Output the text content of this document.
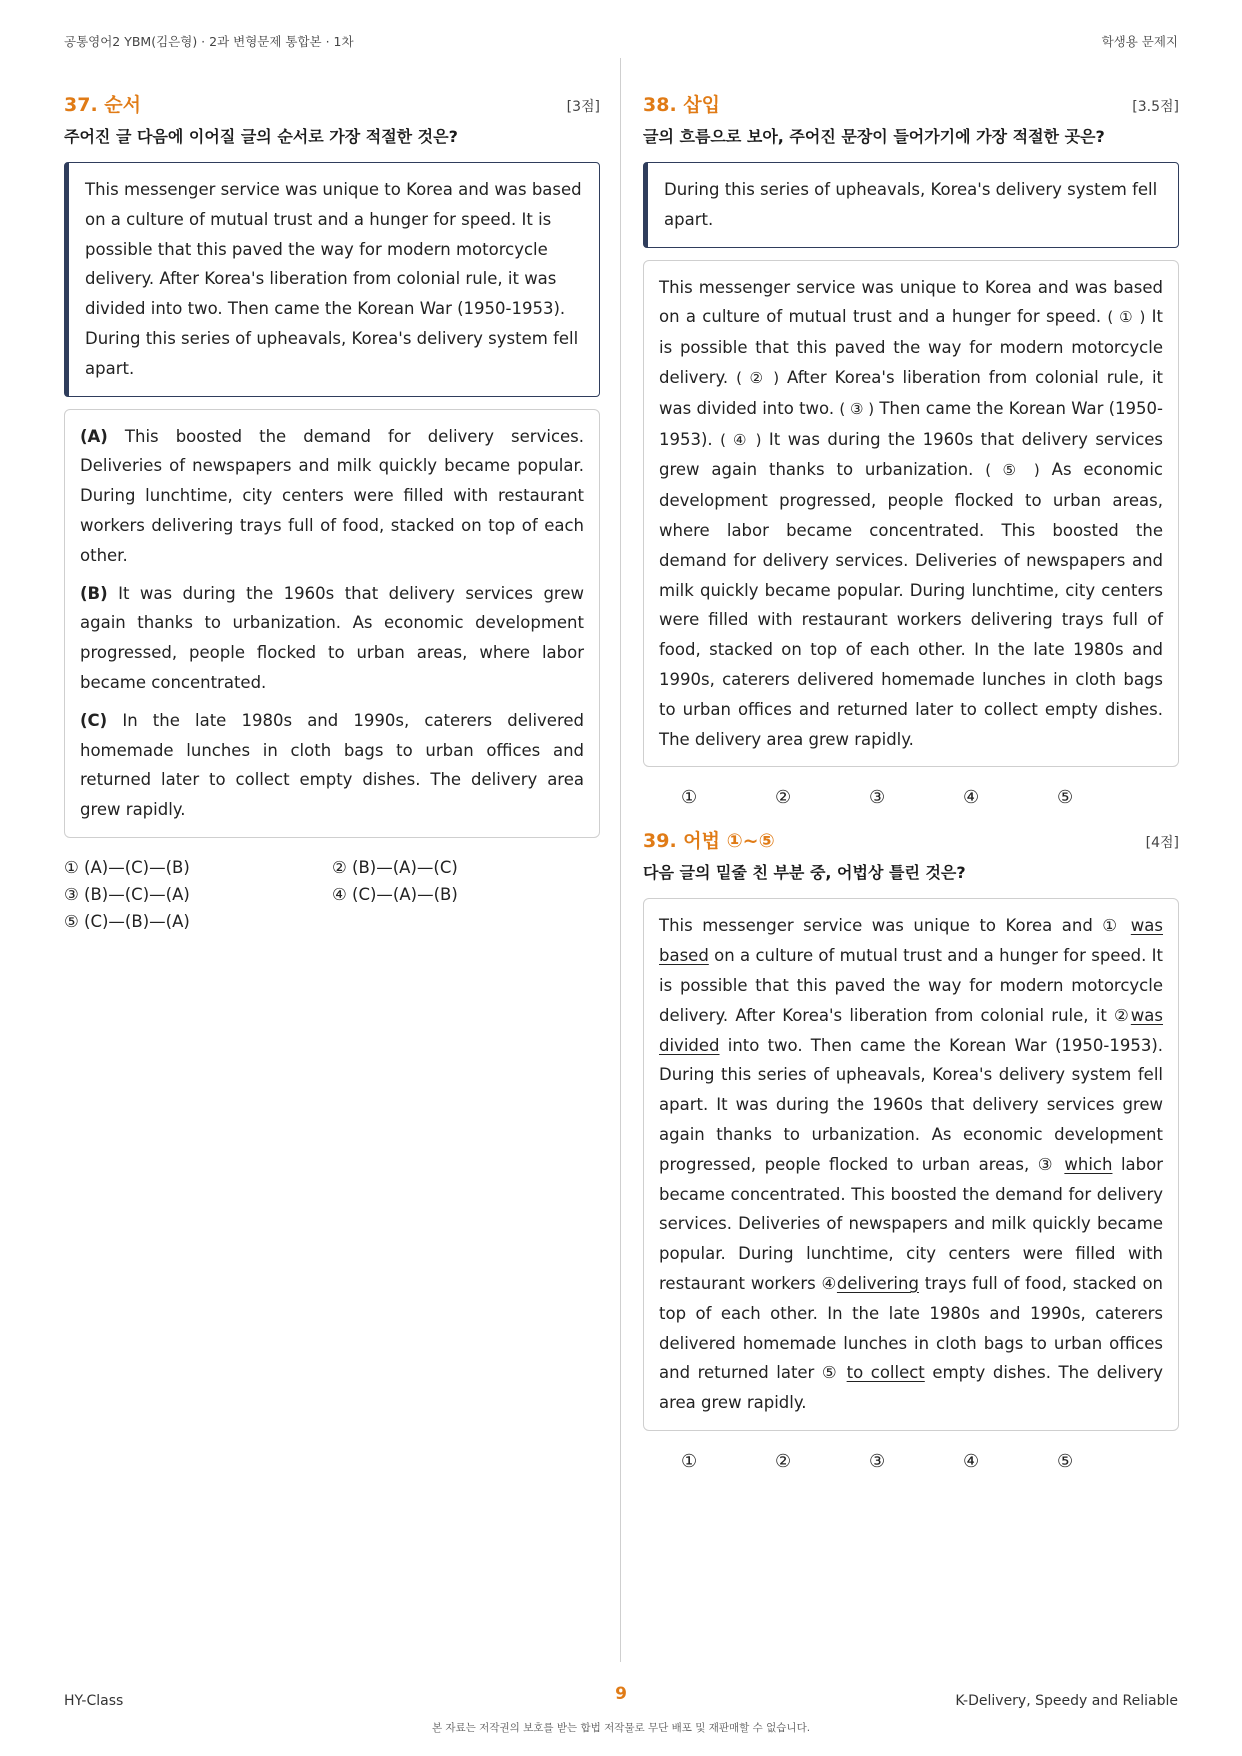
공통영어2 YBM(김은형) · 2과 변형문제 통합본 · 1차	학생용 문제지
37. 순서	[3점]
주어진 글 다음에 이어질 글의 순서로 가장 적절한 것은?
This messenger service was unique to Korea and was based on a culture of mutual trust and a hunger for speed. It is possible that this paved the way for modern motorcycle delivery. After Korea's liberation from colonial rule, it was divided into two. Then came the Korean War (1950-1953). During this series of upheavals, Korea's delivery system fell apart.

(A) This boosted the demand for delivery services. Deliveries of newspapers and milk quickly became popular. During lunchtime, city centers were filled with restaurant workers delivering trays full of food, stacked on top of each other.

(B) It was during the 1960s that delivery services grew again thanks to urbanization. As economic development progressed, people flocked to urban areas, where labor became concentrated.

(C) In the late 1980s and 1990s, caterers delivered homemade lunches in cloth bags to urban offices and returned later to collect empty dishes. The delivery area grew rapidly.

① (A)—(C)—(B)	② (B)—(A)—(C)
③ (B)—(C)—(A)	④ (C)—(A)—(B)
⑤ (C)—(B)—(A)
38. 삽입	[3.5점]
글의 흐름으로 보아, 주어진 문장이 들어가기에 가장 적절한 곳은?
During this series of upheavals, Korea's delivery system fell apart.
This messenger service was unique to Korea and was based on a culture of mutual trust and a hunger for speed. ( ① ) It is possible that this paved the way for modern motorcycle delivery. ( ② ) After Korea's liberation from colonial rule, it was divided into two. ( ③ ) Then came the Korean War (1950-1953). ( ④ ) It was during the 1960s that delivery services grew again thanks to urbanization. ( ⑤ ) As economic development progressed, people flocked to urban areas, where labor became concentrated. This boosted the demand for delivery services. Deliveries of newspapers and milk quickly became popular. During lunchtime, city centers were filled with restaurant workers delivering trays full of food, stacked on top of each other. In the late 1980s and 1990s, caterers delivered homemade lunches in cloth bags to urban offices and returned later to collect empty dishes. The delivery area grew rapidly.
①	②	③	④	⑤
39. 어법 ①~⑤	[4점]
다음 글의 밑줄 친 부분 중, 어법상 틀린 것은?
This messenger service was unique to Korea and ① was based on a culture of mutual trust and a hunger for speed. It is possible that this paved the way for modern motorcycle delivery. After Korea's liberation from colonial rule, it ②was divided into two. Then came the Korean War (1950-1953). During this series of upheavals, Korea's delivery system fell apart. It was during the 1960s that delivery services grew again thanks to urbanization. As economic development progressed, people flocked to urban areas, ③ which labor became concentrated. This boosted the demand for delivery services. Deliveries of newspapers and milk quickly became popular. During lunchtime, city centers were filled with restaurant workers ④delivering trays full of food, stacked on top of each other. In the late 1980s and 1990s, caterers delivered homemade lunches in cloth bags to urban offices and returned later ⑤ to collect empty dishes. The delivery area grew rapidly.
①	②	③	④	⑤
HY-Class	9	K-Delivery, Speedy and Reliable
본 자료는 저작권의 보호를 받는 합법 저작물로 무단 배포 및 재판매할 수 없습니다.
